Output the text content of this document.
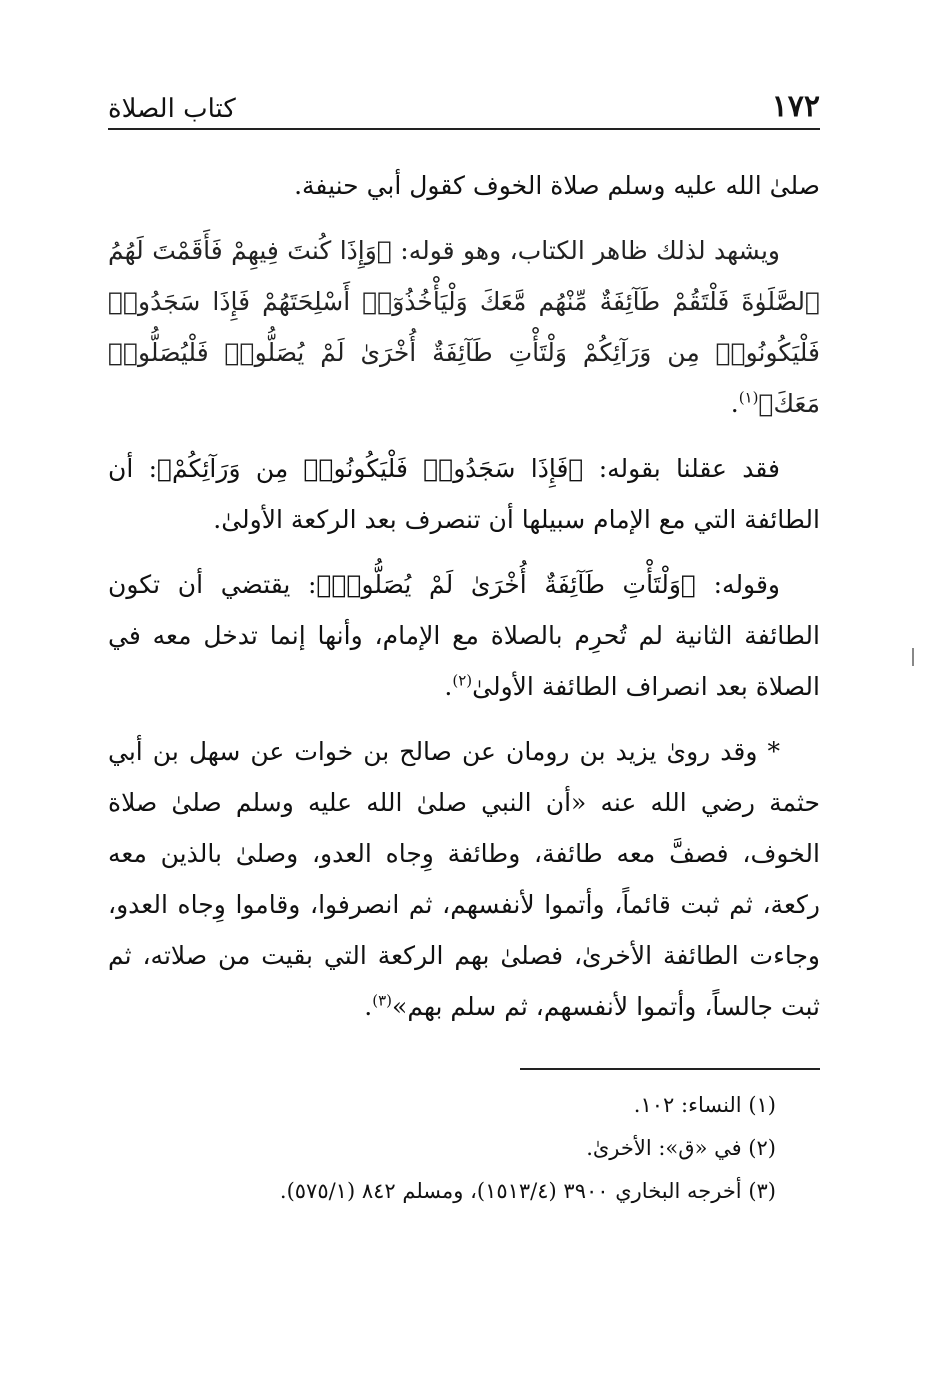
١٧٢
كتاب الصلاة

صلىٰ الله عليه وسلم صلاة الخوف كقول أبي حنيفة.

ويشهد لذلك ظاهر الكتاب، وهو قوله: ﴿وَإِذَا كُنتَ فِيهِمْ فَأَقَمْتَ لَهُمُ ٱلصَّلَوٰةَ فَلْتَقُمْ طَآئِفَةٌ مِّنْهُم مَّعَكَ وَلْيَأْخُذُوٓا۟ أَسْلِحَتَهُمْ فَإِذَا سَجَدُوا۟ فَلْيَكُونُوا۟ مِن وَرَآئِكُمْ وَلْتَأْتِ طَآئِفَةٌ أُخْرَىٰ لَمْ يُصَلُّوا۟ فَلْيُصَلُّوا۟ مَعَكَ﴾$^{(١)}$.

فقد عقلنا بقوله: ﴿فَإِذَا سَجَدُوا۟ فَلْيَكُونُوا۟ مِن وَرَآئِكُمْ﴾: أن الطائفة التي مع الإمام سبيلها أن تنصرف بعد الركعة الأولىٰ.

وقوله: ﴿وَلْتَأْتِ طَآئِفَةٌ أُخْرَىٰ لَمْ يُصَلُّوا۟﴾: يقتضي أن تكون الطائفة الثانية لم تُحرِم بالصلاة مع الإمام، وأنها إنما تدخل معه في الصلاة بعد انصراف الطائفة الأولىٰ$^{(٢)}$.

* وقد روىٰ يزيد بن رومان عن صالح بن خوات عن سهل بن أبي حثمة رضي الله عنه «أن النبي صلىٰ الله عليه وسلم صلىٰ صلاة الخوف، فصفَّ معه طائفة، وطائفة وِجاه العدو، وصلىٰ بالذين معه ركعة، ثم ثبت قائماً، وأتموا لأنفسهم، ثم انصرفوا، وقاموا وِجاه العدو، وجاءت الطائفة الأخرىٰ، فصلىٰ بهم الركعة التي بقيت من صلاته، ثم ثبت جالساً، وأتموا لأنفسهم، ثم سلم بهم»$^{(٣)}$.

(١) النساء: ١٠٢.

(٢) في «ق»: الأخرىٰ.

(٣) أخرجه البخاري ٣٩٠٠ (١٥١٣/٤)، ومسلم ٨٤٢ (٥٧٥/١).
